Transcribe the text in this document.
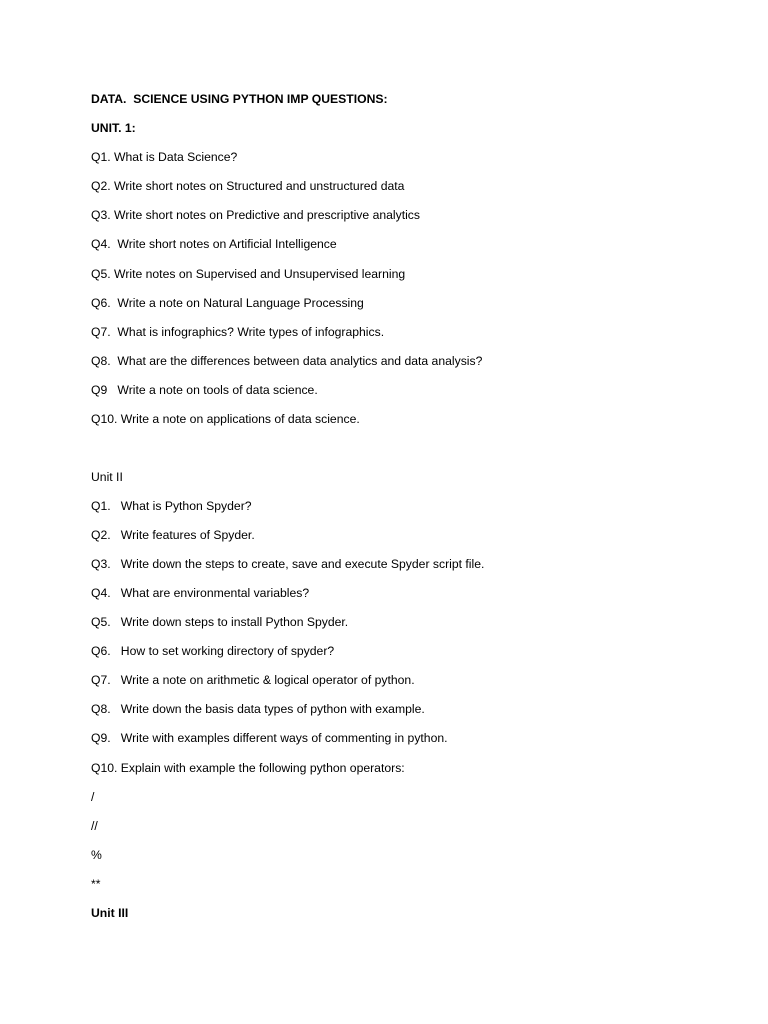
DATA.  SCIENCE USING PYTHON IMP QUESTIONS:
UNIT. 1:
Q1. What is Data Science?
Q2. Write short notes on Structured and unstructured data
Q3. Write short notes on Predictive and prescriptive analytics
Q4.  Write short notes on Artificial Intelligence
Q5. Write notes on Supervised and Unsupervised learning
Q6.  Write a note on Natural Language Processing
Q7.  What is infographics? Write types of infographics.
Q8.  What are the differences between data analytics and data analysis?
Q9   Write a note on tools of data science.
Q10. Write a note on applications of data science.
Unit II
Q1.   What is Python Spyder?
Q2.   Write features of Spyder.
Q3.   Write down the steps to create, save and execute Spyder script file.
Q4.   What are environmental variables?
Q5.   Write down steps to install Python Spyder.
Q6.   How to set working directory of spyder?
Q7.   Write a note on arithmetic & logical operator of python.
Q8.   Write down the basis data types of python with example.
Q9.   Write with examples different ways of commenting in python.
Q10. Explain with example the following python operators:
/
//
%
**
Unit III
